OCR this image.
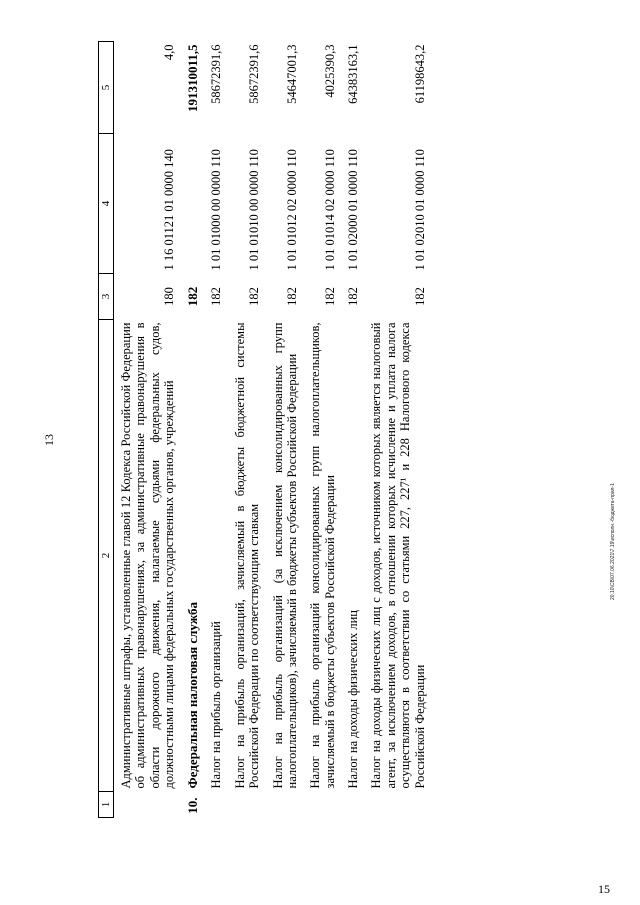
13
1	2	3	4	5
	Административные штрафы, установленные главой 12 Кодекса Российской Федерации об административных правонарушениях, за административные правонарушения в области дорожного движения, налагаемые судьями федеральных судов, должностными лицами федеральных государственных органов, учреждений	180	1 16 01121 01 0000 140	4,0
10.	Федеральная налоговая служба	182		191310011,5
	Налог на прибыль организаций	182	1 01 01000 00 0000 110	58672391,6
	Налог на прибыль организаций, зачисляемый в бюджеты бюджетной системы Российской Федерации по соответствующим ставкам	182	1 01 01010 00 0000 110	58672391,6
	Налог на прибыль организаций (за исключением консолидированных групп налогоплательщиков), зачисляемый в бюджеты субъектов Российской Федерации	182	1 01 01012 02 0000 110	54647001,3
	Налог на прибыль организаций консолидированных групп налогоплательщиков, зачисляемый в бюджеты субъектов Российской Федерации	182	1 01 01014 02 0000 110	4025390,3
	Налог на доходы физических лиц	182	1 01 02000 01 0000 110	64383163,1
	Налог на доходы физических лиц с доходов, источником которых является налоговый агент, за исключением доходов, в отношении которых исчисление и уплата налога осуществляются в соответствии со статьями 227, 227¹ и 228 Налогового кодекса Российской Федерации	182	1 01 02010 01 0000 110	61198643,2
20.10\CB\07.06.2021\7.19\исполн.-бюджета-прил-1
15
